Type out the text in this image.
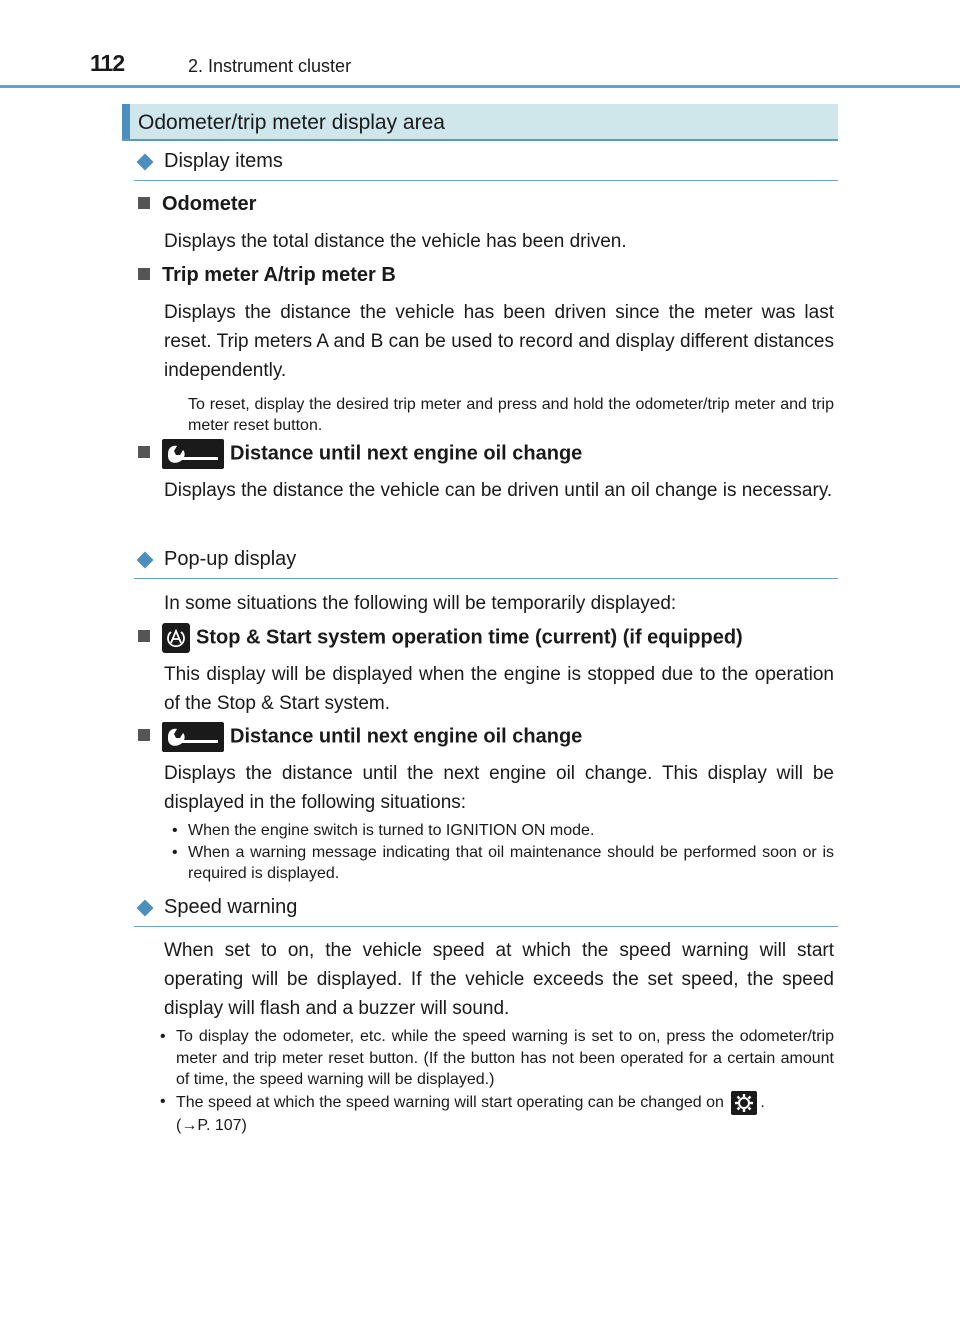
112	2. Instrument cluster
Odometer/trip meter display area
Display items
Odometer
Displays the total distance the vehicle has been driven.
Trip meter A/trip meter B
Displays the distance the vehicle has been driven since the meter was last reset. Trip meters A and B can be used to record and display different distances independently.
To reset, display the desired trip meter and press and hold the odometer/trip meter and trip meter reset button.
Distance until next engine oil change
Displays the distance the vehicle can be driven until an oil change is necessary.
Pop-up display
In some situations the following will be temporarily displayed:
Stop & Start system operation time (current) (if equipped)
This display will be displayed when the engine is stopped due to the operation of the Stop & Start system.
Distance until next engine oil change
Displays the distance until the next engine oil change. This display will be displayed in the following situations:
• When the engine switch is turned to IGNITION ON mode.
• When a warning message indicating that oil maintenance should be performed soon or is required is displayed.
Speed warning
When set to on, the vehicle speed at which the speed warning will start operating will be displayed. If the vehicle exceeds the set speed, the speed display will flash and a buzzer will sound.
• To display the odometer, etc. while the speed warning is set to on, press the odometer/trip meter and trip meter reset button. (If the button has not been operated for a certain amount of time, the speed warning will be displayed.)
• The speed at which the speed warning will start operating can be changed on .
(→P. 107)
